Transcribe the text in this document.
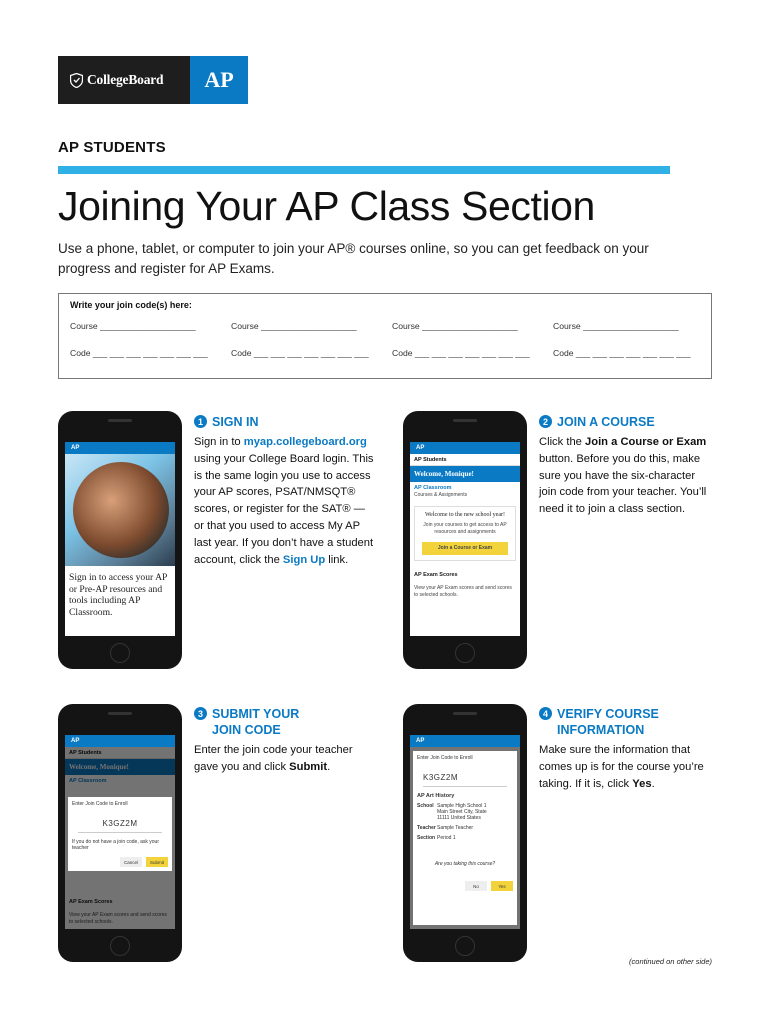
CollegeBoard	AP
AP STUDENTS
Joining Your AP Class Section

Use a phone, tablet, or computer to join your AP® courses online, so you can get feedback on your progress and register for AP Exams.

Write your join code(s) here:
Course ____________________	Course ____________________	Course ____________________	Course ____________________
Code ___ ___ ___ ___ ___ ___ ___	Code ___ ___ ___ ___ ___ ___ ___	Code ___ ___ ___ ___ ___ ___ ___	Code ___ ___ ___ ___ ___ ___ ___
AP
Sign in to access your AP or Pre-AP resources and tools including AP Classroom.
1 SIGN IN
Sign in to myap.collegeboard.org using your College Board login. This is the same login you use to access your AP scores, PSAT/NMSQT® scores, or register for the SAT® — or that you used to access My AP last year. If you don’t have a student account, click the Sign Up link.
AP
AP Students
Welcome, Monique!
AP Classroom
Courses & Assignments
Welcome to the new school year!
Join your courses to get access to AP resources and assignments
Join a Course or Exam
AP Exam Scores
View your AP Exam scores and send scores to selected schools.
2 JOIN A COURSE
Click the Join a Course or Exam button. Before you do this, make sure you have the six-character join code from your teacher. You’ll need it to join a class section.
AP
Enter Join Code to Enroll
K3GZ2M
If you do not have a join code, ask your teacher
Cancel	Submit
3 SUBMIT YOUR JOIN CODE
Enter the join code your teacher gave you and click Submit.
AP
Enter Join Code to Enroll
K3GZ2M
AP Art History
School Sample High School 1 Main Street City, State 11111 United States
Teacher Sample Teacher
Section Period 1
Are you taking this course?
No	Yes
4 VERIFY COURSE INFORMATION
Make sure the information that comes up is for the course you’re taking. If it is, click Yes.
(continued on other side)
